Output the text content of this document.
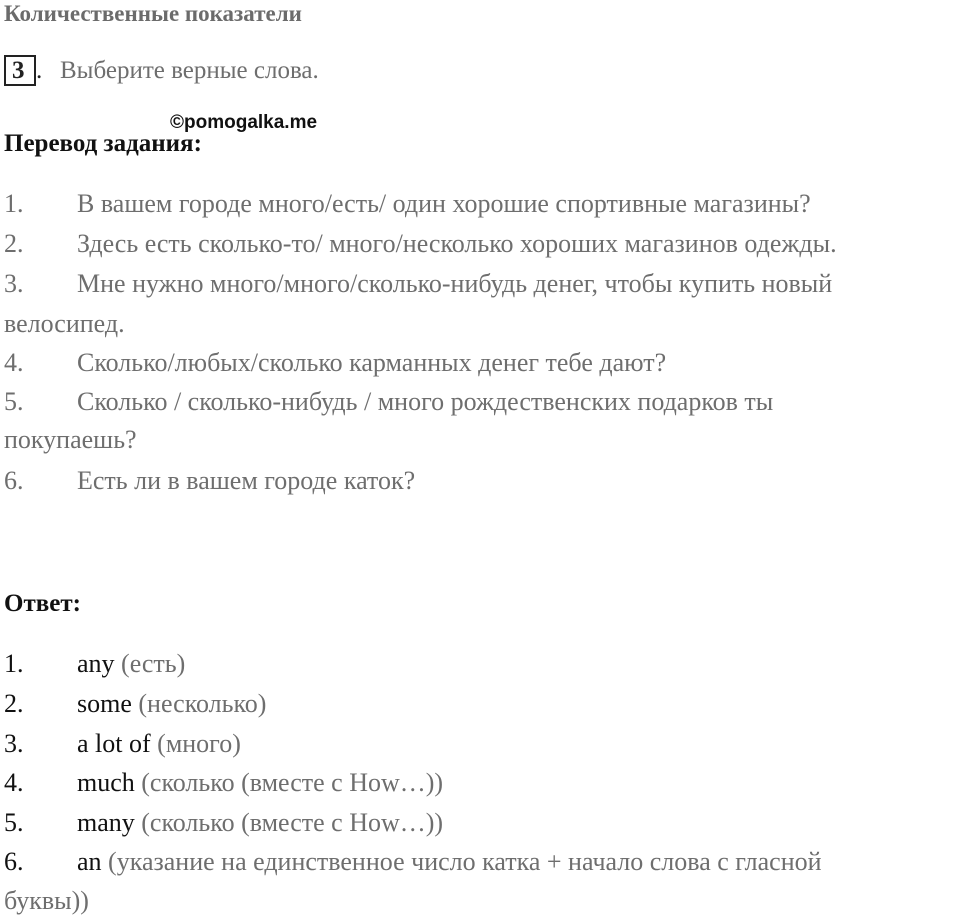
Количественные показатели
3 . Выберите верные слова.
Перевод задания:
©pomogalka.me
1. В вашем городе много/есть/ один хорошие спортивные магазины?
2. Здесь есть сколько-то/ много/несколько хороших магазинов одежды.
3. Мне нужно много/много/сколько-нибудь денег, чтобы купить новый
велосипед.
4. Сколько/любых/сколько карманных денег тебе дают?
5. Сколько / сколько-нибудь / много рождественских подарков ты
покупаешь?
6. Есть ли в вашем городе каток?
Ответ:
1. any (есть)
2. some (несколько)
3. a lot of (много)
4. much (сколько (вместе с How…))
5. many (сколько (вместе с How…))
6. an (указание на единственное число катка + начало слова с гласной
буквы))
